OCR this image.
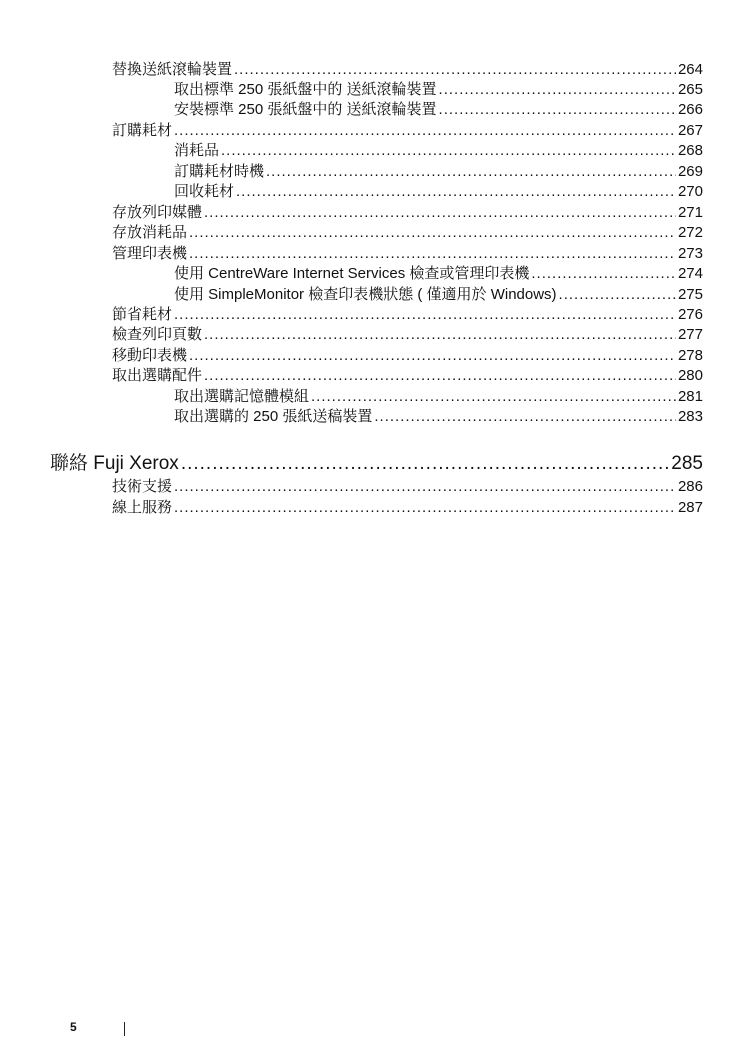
替換送紙滾輪裝置 .....	264
取出標準 250 張紙盤中的 送紙滾輪裝置 .....	265
安裝標準 250 張紙盤中的 送紙滾輪裝置 .....	266
訂購耗材 .....	267
消耗品 .....	268
訂購耗材時機 .....	269
回收耗材 .....	270
存放列印媒體 .....	271
存放消耗品 .....	272
管理印表機 .....	273
使用 CentreWare Internet Services 檢查或管理印表機 .....	274
使用 SimpleMonitor 檢查印表機狀態 ( 僅適用於 Windows) .....	275
節省耗材 .....	276
檢查列印頁數 .....	277
移動印表機 .....	278
取出選購配件 .....	280
取出選購記憶體模組 .....	281
取出選購的 250 張紙送稿裝置 .....	283
聯絡 Fuji Xerox .....	285
技術支援 .....	286
線上服務 .....	287
5
